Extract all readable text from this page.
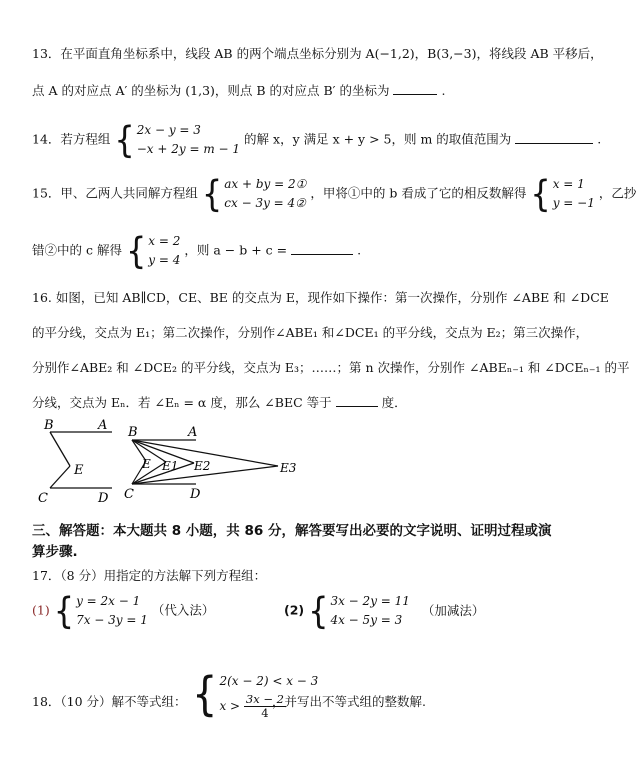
13．在平面直角坐标系中，线段 AB 的两个端点坐标分别为 A(−1,2)，B(3,−3)，将线段 AB 平移后，
点 A 的对应点 A′ 的坐标为 (1,3)，则点 B 的对应点 B′ 的坐标为	.
14．若方程组 { 2x − y = 3
−x + 2y = m − 1
的解 x，y 满足 x + y > 5，则 m 的取值范围为	.
15．甲、乙两人共同解方程组 { ax + by = 2①
cx − 3y = 4②
，甲将①中的 b 看成了它的相反数解得 { x = 1
y = −1
，乙抄
错②中的 c 解得 { x = 2
y = 4
，则 a − b + c =	.
16. 如图，已知 AB∥CD，CE、BE 的交点为 E，现作如下操作：第一次操作，分别作 ∠ABE 和 ∠DCE
的平分线，交点为 E₁；第二次操作，分别作∠ABE₁ 和∠DCE₁ 的平分线，交点为 E₂；第三次操作，
分别作∠ABE₂ 和 ∠DCE₂ 的平分线，交点为 E₃；……；第 n 次操作，分别作 ∠ABEₙ₋₁ 和 ∠DCEₙ₋₁ 的平
分线，交点为 Eₙ．若 ∠Eₙ = α 度，那么 ∠BEC 等于	度．
B	A
E
C	D
B	A
E E1 E2	E3
C	D
三、解答题：本大题共 8 小题，共 86 分，解答要写出必要的文字说明、证明过程或演
算步骤.
17．（8 分）用指定的方法解下列方程组：
(1) { y = 2x − 1
7x − 3y = 1
（代入法）	(2) { 3x − 2y = 11
4x − 5y = 3
（加减法）
18．（10 分）解不等式组： { 2(x − 2) < x − 3
$x > \frac{3x - 2}{4}$
，并写出不等式组的整数解.
